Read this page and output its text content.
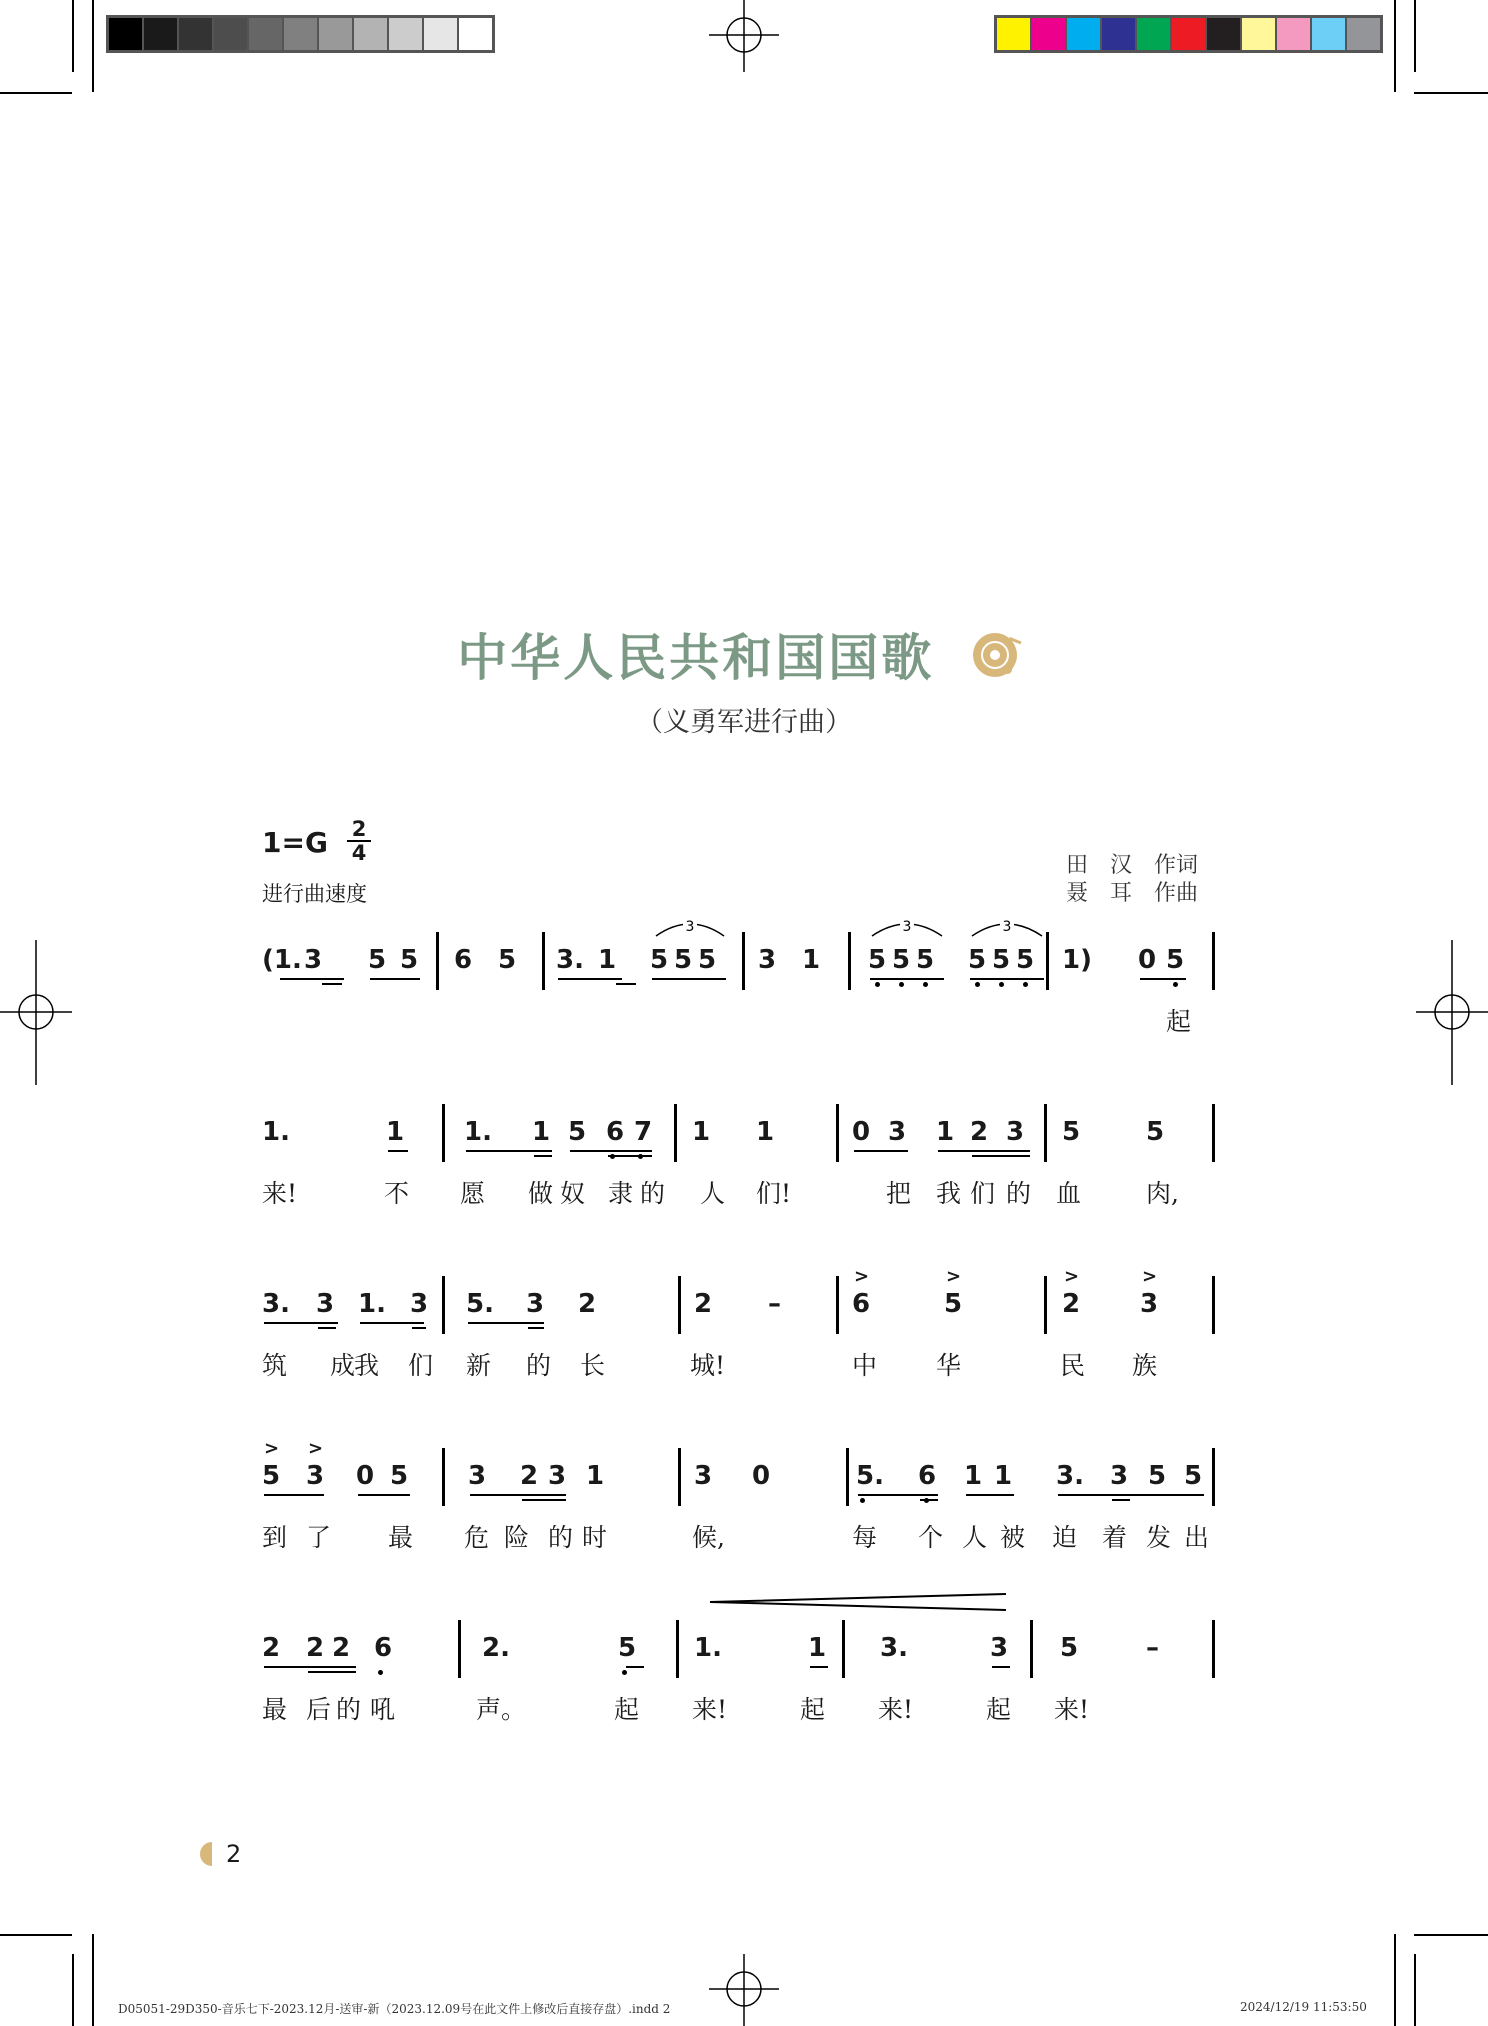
中华人民共和国国歌
（义勇军进行曲）
1=G 2
4
进行曲速度
田　汉　作词
聂　耳　作曲
(1. 3 5 5 6 5 3. 1 5 5 5 3 1 5 5 5 5 5 5 1) 0 5
3	3	3
起
1.	1 1. 1 5 6 7 1 1	0 3 1 2 3 5	5
来!	不 愿 做 奴 隶 的 人 们!	把 我 们 的 血	肉,
3. 3 1. 3 5. 3 2	2 –	6	5	2 3
>	>	>	>
筑 成
我 们 新 的 长	城!	中 华	民 族
5 3 0 5 3 2 3 1	3 0	5. 6 1 1 3. 3 5 5
> >
到 了 最 危 险 的 时	候,	每 个 人 被 迫 着 发 出
2 2 2 6	2.	5 1.	1 3.	3 5	–
最 后 的 吼	声。	起 来!	起 来!	起 来!
2
D05051-29D350-音乐七下-2023.12月-送审-新（2023.12.09号在此文件上修改后直接存盘）.indd 2	2024/12/19 11:53:50
